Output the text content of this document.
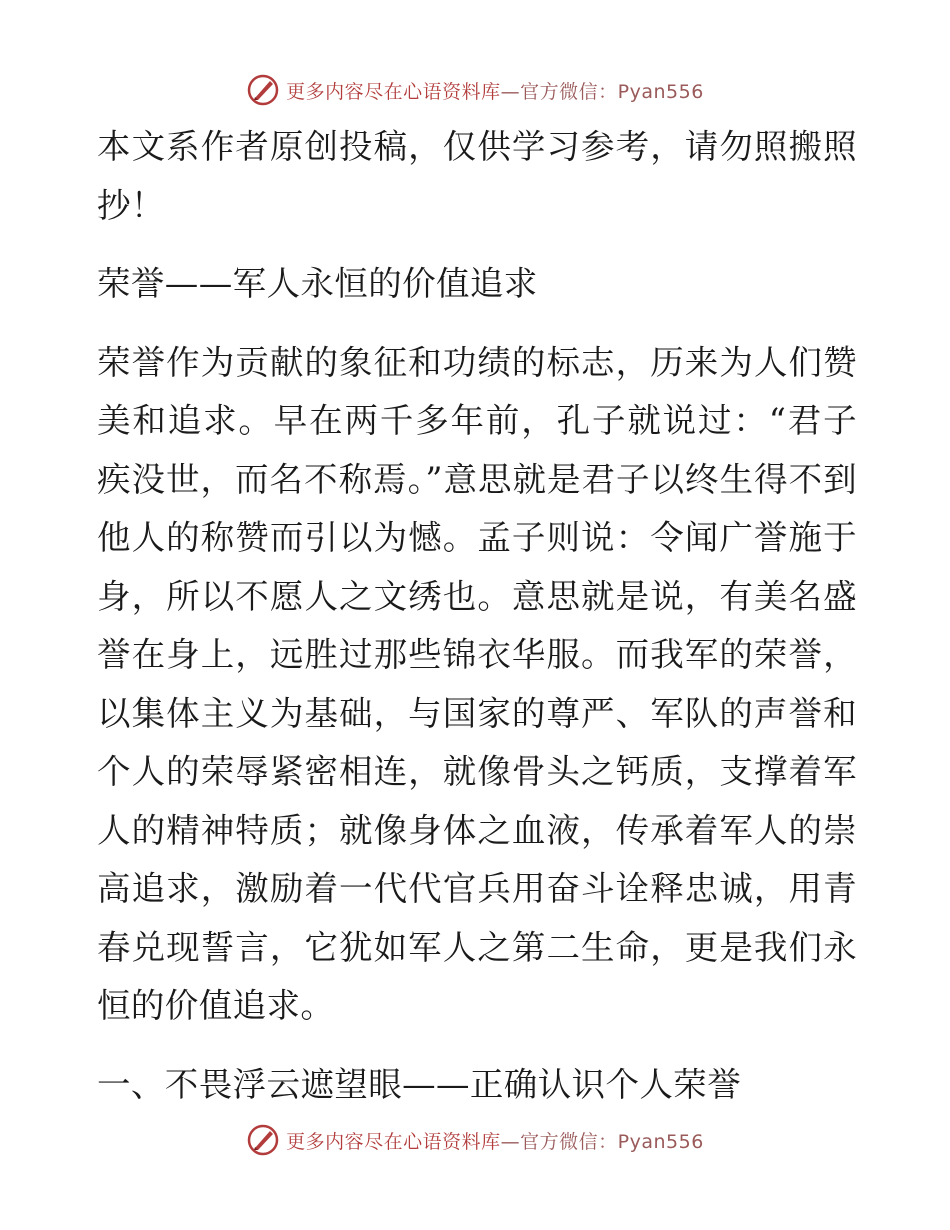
更多内容尽在心语资料库—官方微信：Pyan556

本文系作者原创投稿，仅供学习参考，请勿照搬照抄！

荣誉——军人永恒的价值追求

荣誉作为贡献的象征和功绩的标志，历来为人们赞美和追求。早在两千多年前，孔子就说过：“君子疾没世，而名不称焉。”意思就是君子以终生得不到他人的称赞而引以为憾。孟子则说：令闻广誉施于身，所以不愿人之文绣也。意思就是说，有美名盛誉在身上，远胜过那些锦衣华服。而我军的荣誉，以集体主义为基础，与国家的尊严、军队的声誉和个人的荣辱紧密相连，就像骨头之钙质，支撑着军人的精神特质；就像身体之血液，传承着军人的崇高追求，激励着一代代官兵用奋斗诠释忠诚，用青春兑现誓言，它犹如军人之第二生命，更是我们永恒的价值追求。

一、不畏浮云遮望眼——正确认识个人荣誉

更多内容尽在心语资料库—官方微信：Pyan556
